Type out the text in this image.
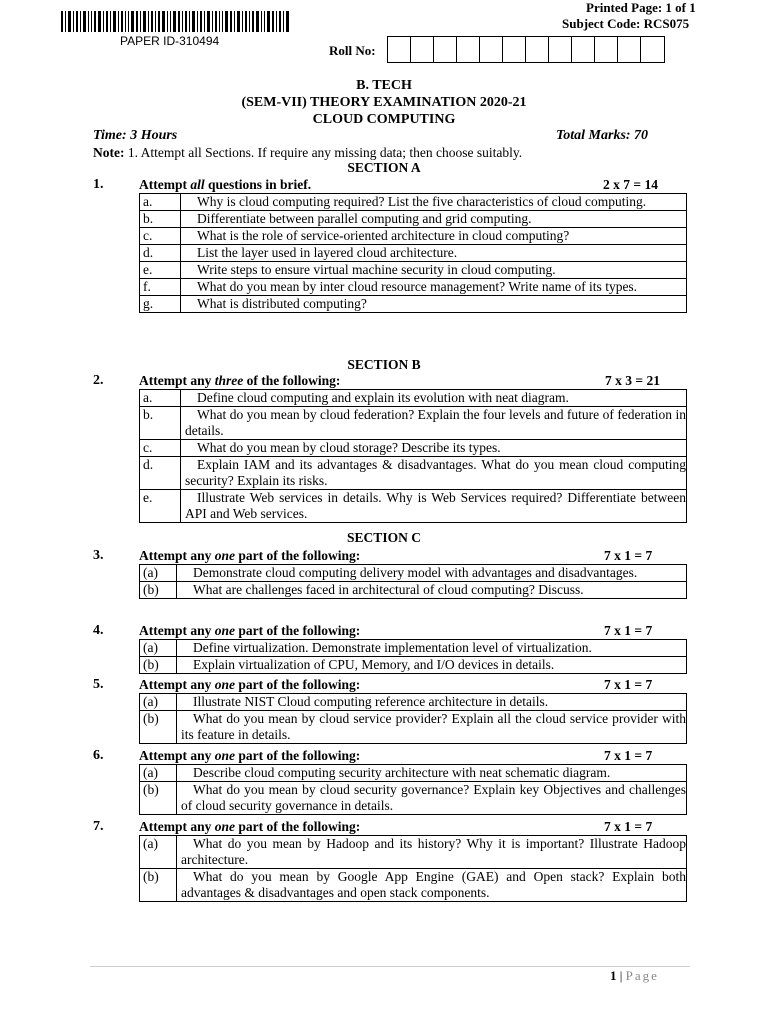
PAPER ID-310494
Printed Page: 1 of 1
Subject Code: RCS075
Roll No:
B. TECH
(SEM-VII) THEORY EXAMINATION 2020-21
CLOUD COMPUTING
Time: 3 Hours	Total Marks: 70
Note: 1. Attempt all Sections. If require any missing data; then choose suitably.
SECTION A
1.	Attempt all questions in brief.	2 x 7 = 14
a.	Why is cloud computing required? List the five characteristics of cloud computing.
b.	Differentiate between parallel computing and grid computing.
c.	What is the role of service-oriented architecture in cloud computing?
d.	List the layer used in layered cloud architecture.
e.	Write steps to ensure virtual machine security in cloud computing.
f.	What do you mean by inter cloud resource management? Write name of its types.
g.	What is distributed computing?
SECTION B
2.	Attempt any three of the following:	7 x 3 = 21
a.	Define cloud computing and explain its evolution with neat diagram.
b.	What do you mean by cloud federation? Explain the four levels and future of federation in details.
c.	What do you mean by cloud storage? Describe its types.
d.	Explain IAM and its advantages & disadvantages. What do you mean cloud computing security? Explain its risks.
e.	Illustrate Web services in details. Why is Web Services required? Differentiate between API and Web services.
SECTION C
3.	Attempt any one part of the following:	7 x 1 = 7
(a)	Demonstrate cloud computing delivery model with advantages and disadvantages.
(b)	What are challenges faced in architectural of cloud computing? Discuss.
4.	Attempt any one part of the following:	7 x 1 = 7
(a)	Define virtualization. Demonstrate implementation level of virtualization.
(b)	Explain virtualization of CPU, Memory, and I/O devices in details.
5.	Attempt any one part of the following:	7 x 1 = 7
(a)	Illustrate NIST Cloud computing reference architecture in details.
(b)	What do you mean by cloud service provider? Explain all the cloud service provider with its feature in details.
6.	Attempt any one part of the following:	7 x 1 = 7
(a)	Describe cloud computing security architecture with neat schematic diagram.
(b)	What do you mean by cloud security governance? Explain key Objectives and challenges of cloud security governance in details.
7.	Attempt any one part of the following:	7 x 1 = 7
(a)	What do you mean by Hadoop and its history? Why it is important? Illustrate Hadoop architecture.
(b)	What do you mean by Google App Engine (GAE) and Open stack? Explain both advantages & disadvantages and open stack components.
1 | Page
